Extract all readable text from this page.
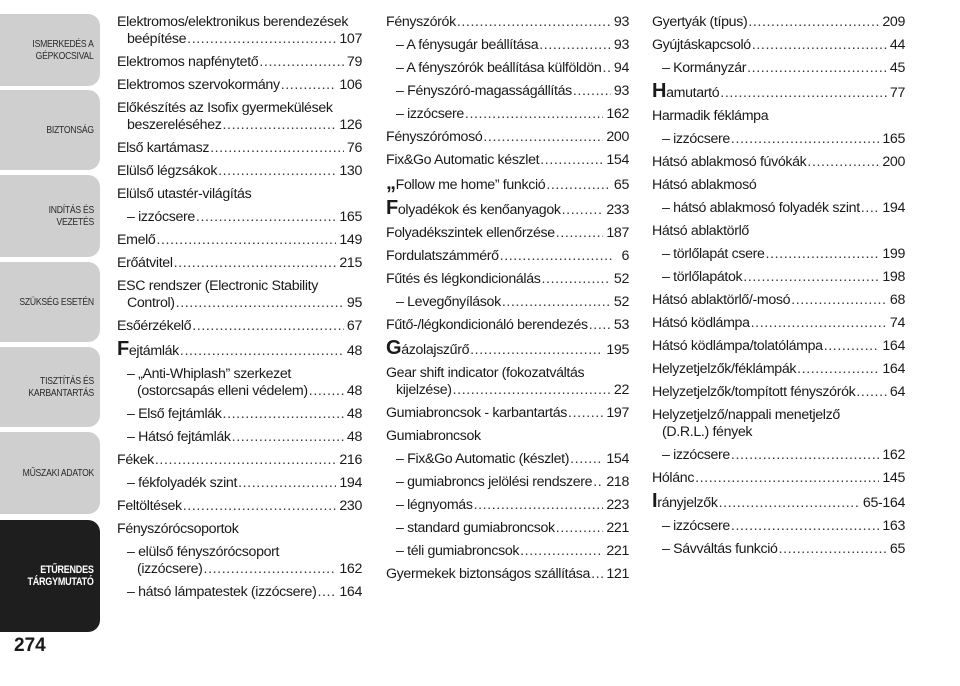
ISMERKEDÉS A
GÉPKOCSIVAL
BIZTONSÁG
INDÍTÁS ÉS VEZETÉS
SZÜKSÉG ESETÉN
TISZTÍTÁS ÉS
KARBANTARTÁS
MŰSZAKI ADATOK
ETŰRENDES
TÁRGYMUTATÓ
274
Elektromos/elektronikus berendezések
beépítése .....	107
Elektromos napfénytető .....	79
Elektromos szervokormány .....	106
Előkészítés az Isofix gyermekülések
beszereléséhez .....	126
Első kartámasz .....	76
Elülső légzsákok .....	130
Elülső utastér-világítás
– izzócsere .....	165
Emelő .....	149
Erőátvitel .....	215
ESC rendszer (Electronic Stability
Control) .....	95
Esőérzékelő .....	67
Fejtámlák .....	48
– „Anti-Whiplash” szerkezet
(ostorcsapás elleni védelem) .....	48
– Első fejtámlák .....	48
– Hátsó fejtámlák .....	48
Fékek .....	216
– fékfolyadék szint .....	194
Feltöltések .....	230
Fényszórócsoportok
– elülső fényszórócsoport
(izzócsere) .....	162
– hátsó lámpatestek (izzócsere) ..... 164
Fényszórók .....	93
– A fénysugár beállítása .....	93
– A fényszórók beállítása külföldön ..... 94
– Fényszóró-magasságállítás .....	93
– izzócsere .....	162
Fényszórómosó .....	200
Fix&Go Automatic készlet .....	154
„Follow me home” funkció .....	65
Folyadékok és kenőanyagok .....	233
Folyadékszintek ellenőrzése .....	187
Fordulatszámmérő .....	6
Fűtés és légkondicionálás .....	52
– Levegőnyílások .....	52
Fűtő-/légkondicionáló berendezés ..... 53
Gázolajszűrő .....	195
Gear shift indicator (fokozatváltás
kijelzése) .....	22
Gumiabroncsok - karbantartás .....	197
Gumiabroncsok
– Fix&Go Automatic (készlet) .....	154
– gumiabroncs jelölési rendszere ..... 218
– légnyomás .....	223
– standard gumiabroncsok .....	221
– téli gumiabroncsok .....	221
Gyermekek biztonságos szállítása ..... 121
Gyertyák (típus) .....	209
Gyújtáskapcsoló .....	44
– Kormányzár .....	45
Hamutartó .....	77
Harmadik féklámpa
– izzócsere .....	165
Hátsó ablakmosó fúvókák .....	200
Hátsó ablakmosó
– hátsó ablakmosó folyadék szint ..... 194
Hátsó ablaktörlő
– törlőlapát csere .....	199
– törlőlapátok .....	198
Hátsó ablaktörlő/-mosó .....	68
Hátsó ködlámpa .....	74
Hátsó ködlámpa/tolatólámpa .....	164
Helyzetjelzők/féklámpák .....	164
Helyzetjelzők/tompított fényszórók ..... 64
Helyzetjelző/nappali menetjelző
(D.R.L.) fények
– izzócsere .....	162
Hólánc .....	145
Irányjelzők .....	65-164
– izzócsere .....	163
– Sávváltás funkció .....	65
